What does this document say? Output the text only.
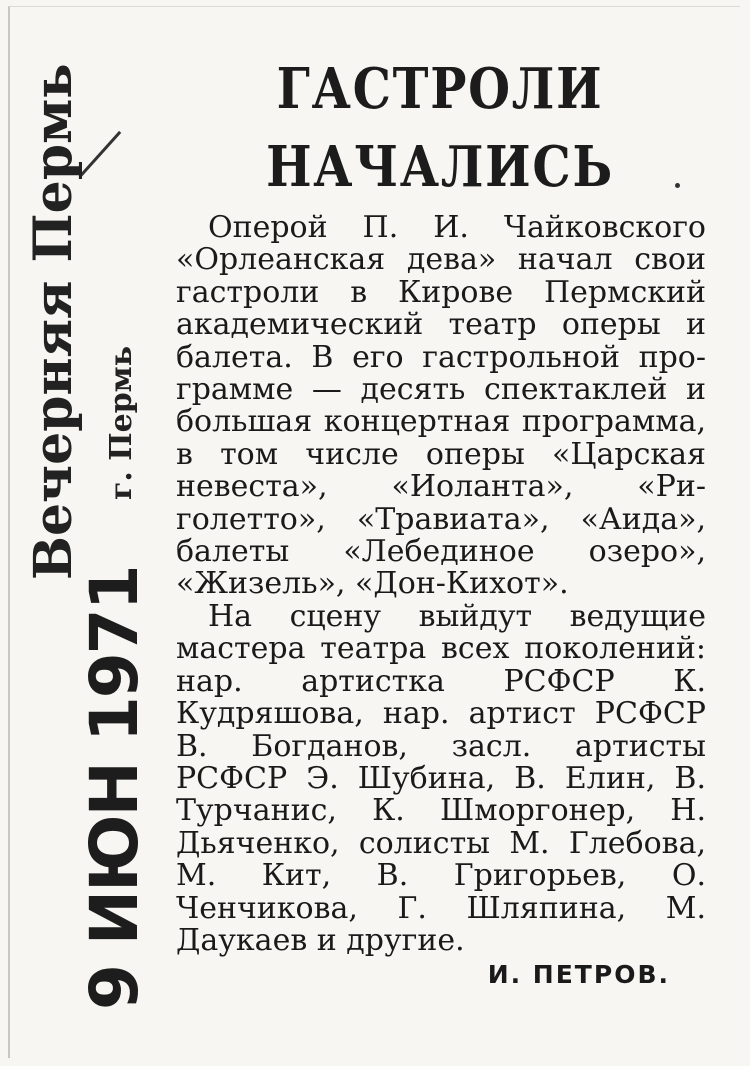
Вечерняя Пермь г. Пермь
9 ИЮН 1971
ГАСТРОЛИ
НАЧАЛИСЬ

Оперой П. И. Чайковского «Орлеанская дева» начал свои гастроли в Кирове Пермский академический театр оперы и балета. В его гастрольной программе — десять спектаклей и большая концертная программа, в том числе оперы «Царская невеста», «Иоланта», «Риголетто», «Травиата», «Аида», балеты «Лебединое озеро», «Жизель», «Дон-Кихот».

На сцену выйдут ведущие мастера театра всех поколений: нар. артистка РСФСР К. Кудряшова, нар. артист РСФСР В. Богданов, засл. артисты РСФСР Э. Шубина, В. Елин, В. Турчанис, К. Шморгонер, Н. Дьяченко, солисты М. Глебова, М. Кит, В. Григорьев, О. Ченчикова, Г. Шляпина, М. Даукаев и другие.

И. ПЕТРОВ.
